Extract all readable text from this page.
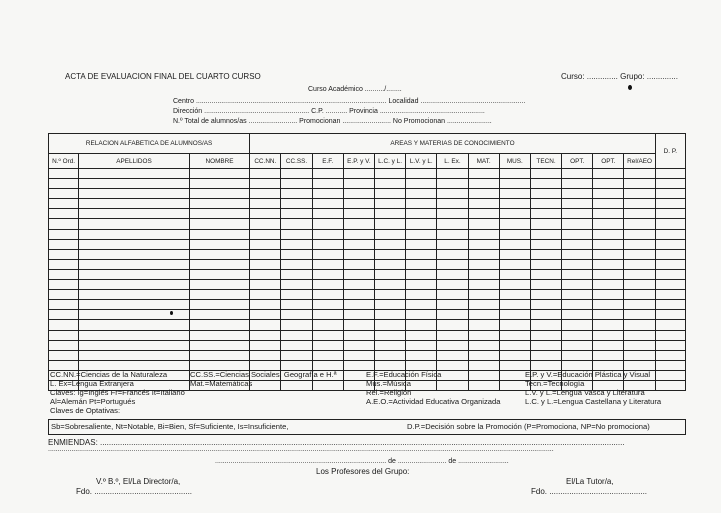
ACTA DE EVALUACION FINAL DEL CUARTO CURSO	Curso: .............. Grupo: ..............
Curso Académico ........../........
Centro .................................................................................................. Localidad ......................................................
Dirección ...................................................... C.P. ........... Provincia ......................................................
N.º Total de alumnos/as ......................... Promocionan ......................... No Promocionan .......................
RELACION ALFABETICA DE ALUMNOS/AS			AREAS Y MATERIAS DE CONOCIMIENTO													D. P.
N.º Ord.	APELLIDOS	NOMBRE	CC.NN.	CC.SS.	E.F.	E.P. y V.	L.C. y L.	L.V. y L.	L. Ex.	MAT.	MUS.	TECN.	OPT.	OPT.	Rel/AEO	

CC.NN.=Ciencias de la Naturaleza
L. Ex=Lengua Extranjera
Claves: Ig=Inglés Fr=Francés It=Italiano
Al=Alemán Pt=Portugués
Claves de Optativas:
CC.SS.=Ciencias Sociales. Geografía e H.ª
Mat.=Matemáticas
E.F.=Educación Física
Mús.=Música
Rel.=Religión
A.E.O.=Actividad Educativa Organizada
E.P. y V.=Educación Plástica y Visual
Tecn.=Tecnología
L.V. y L.=Lengua Vasca y Literatura
L.C. y L.=Lengua Castellana y Literatura
Sb=Sobresaliente, Nt=Notable, Bi=Bien, Sf=Suficiente, Is=Insuficiente,	D.P.=Decisión sobre la Promoción (P=Promociona, NP=No promociona)
ENMIENDAS: ............................................................................................................................................................................................................................................
....................................................................................................................................................................................................................................................................
........................................................................................ de ......................... de ..........................
Los Profesores del Grupo:
V.º B.º, El/La Director/a,
Fdo. ............................................
El/La Tutor/a,
Fdo. ............................................
